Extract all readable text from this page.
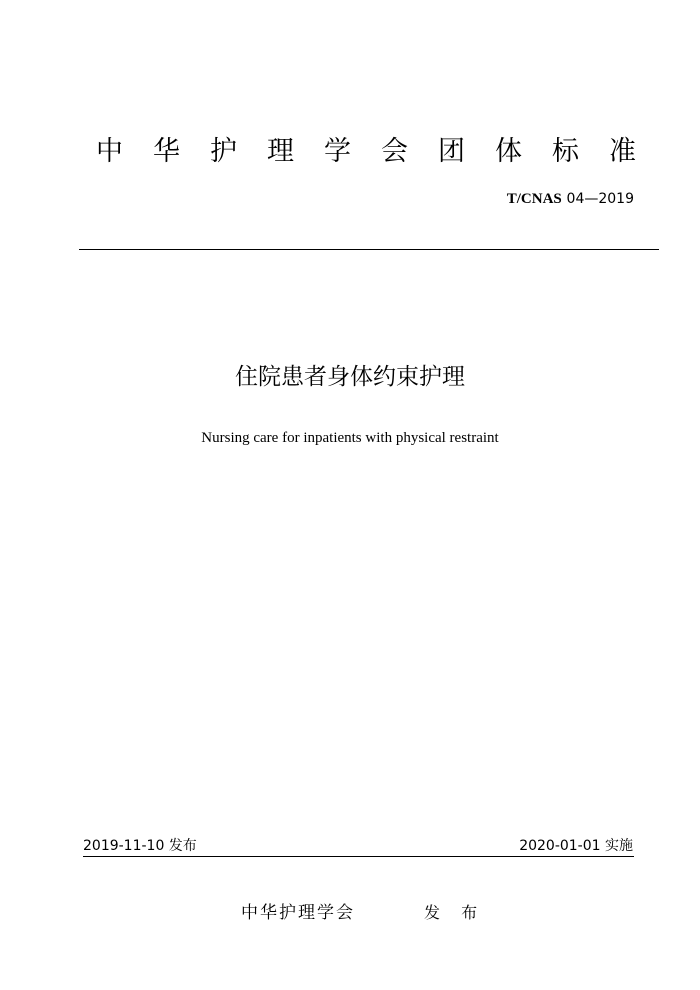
中 华 护 理 学 会 团 体 标 准
T/CNAS 04—2019
住院患者身体约束护理
Nursing care for inpatients with physical restraint
2019-11-10 发布	2020-01-01 实施
中华护理学会	发 布
